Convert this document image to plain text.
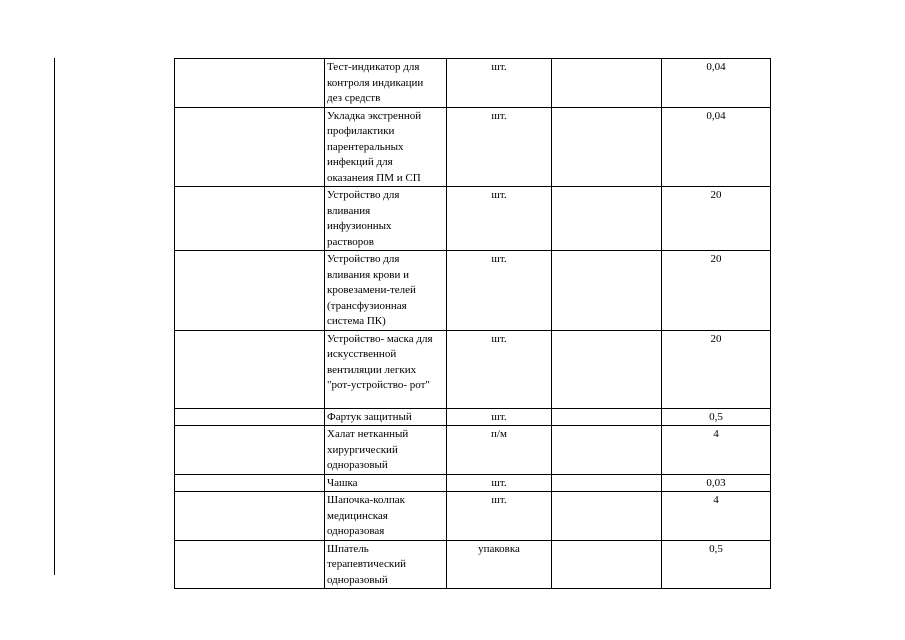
	Тест-индикатор для
контроля индикации
дез средств	шт.		0,04
	Укладка экстренной
профилактики
парентеральных
инфекций для
оказанеия ПМ и СП	шт.		0,04
	Устройство для
вливания
инфузионных
растворов	шт.		20
	Устройство для
вливания крови и
кровезамени-телей
(трансфузионная
система ПК)	шт.		20
	Устройство- маска для
искусственной
вентиляции легких
"рот-устройство- рот"	шт.		20
	Фартук защитный	шт.		0,5
	Халат нетканный
хирургический
одноразовый	п/м		4
	Чашка	шт.		0,03
	Шапочка-колпак
медицинская
одноразовая	шт.		4
	Шпатель
терапевтический
одноразовый	упаковка		0,5
